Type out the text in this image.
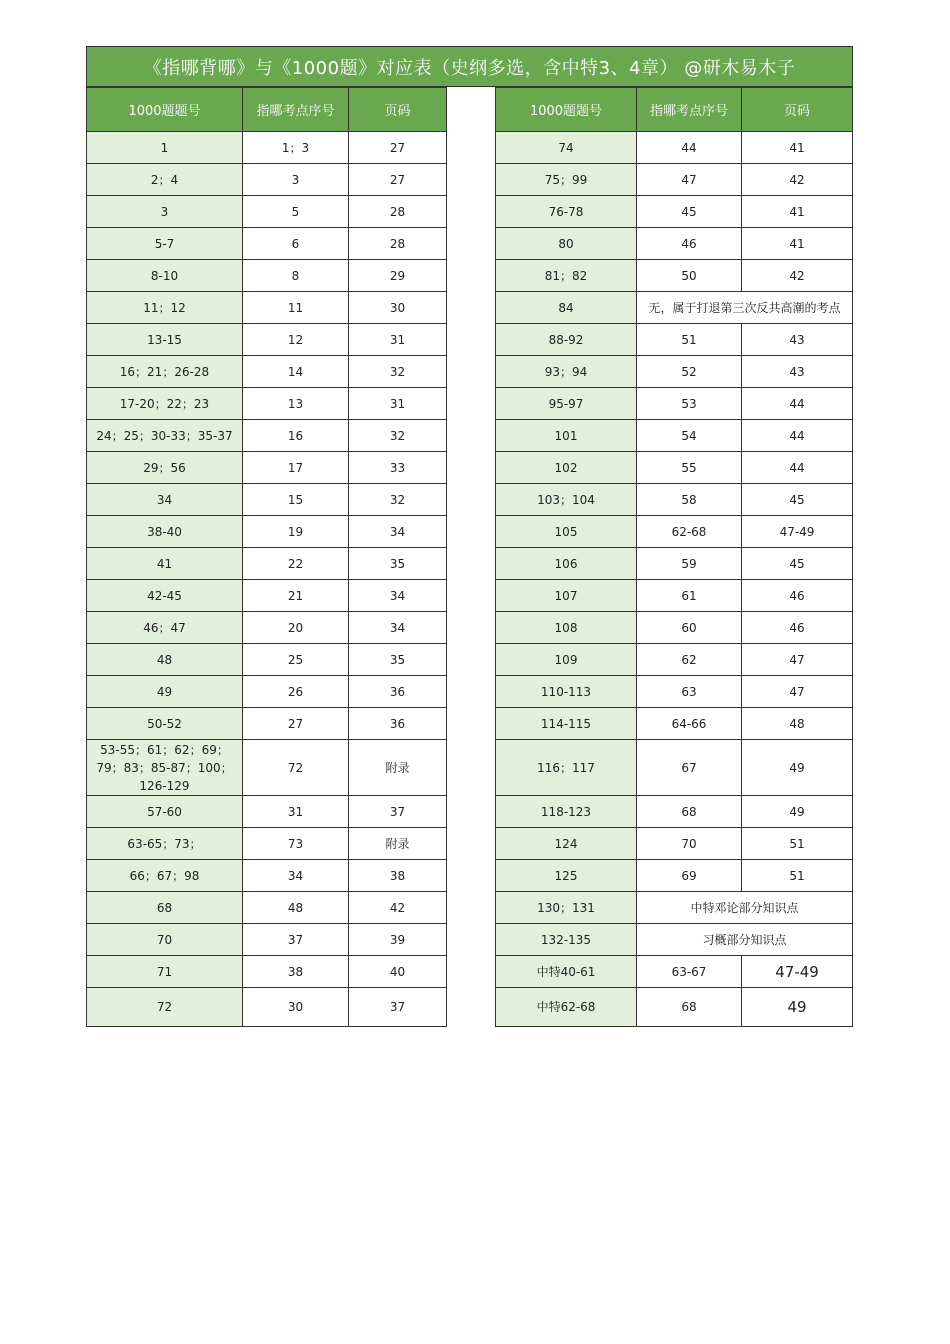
《指哪背哪》与《1000题》对应表（史纲多选，含中特3、4章） @研木易木子
1000题题号	指哪考点序号	页码
1	1；3	27
2；4	3	27
3	5	28
5-7	6	28
8-10	8	29
11；12	11	30
13-15	12	31
16；21；26-28	14	32
17-20；22；23	13	31
24；25；30-33；35-37	16	32
29；56	17	33
34	15	32
38-40	19	34
41	22	35
42-45	21	34
46；47	20	34
48	25	35
49	26	36
50-52	27	36
53-55；61；62；69；79；83；85-87；100；126-129	72	附录
57-60	31	37
63-65；73；	73	附录
66；67；98	34	38
68	48	42
70	37	39
71	38	40
72	30	37
1000题题号	指哪考点序号	页码
74	44	41
75；99	47	42
76-78	45	41
80	46	41
81；82	50	42
84	无，属于打退第三次反共高潮的考点	
88-92	51	43
93；94	52	43
95-97	53	44
101	54	44
102	55	44
103；104	58	45
105	62-68	47-49
106	59	45
107	61	46
108	60	46
109	62	47
110-113	63	47
114-115	64-66	48
116；117	67	49
118-123	68	49
124	70	51
125	69	51
130；131	中特邓论部分知识点	
132-135	习概部分知识点	
中特40-61	63-67	47-49
中特62-68	68	49
